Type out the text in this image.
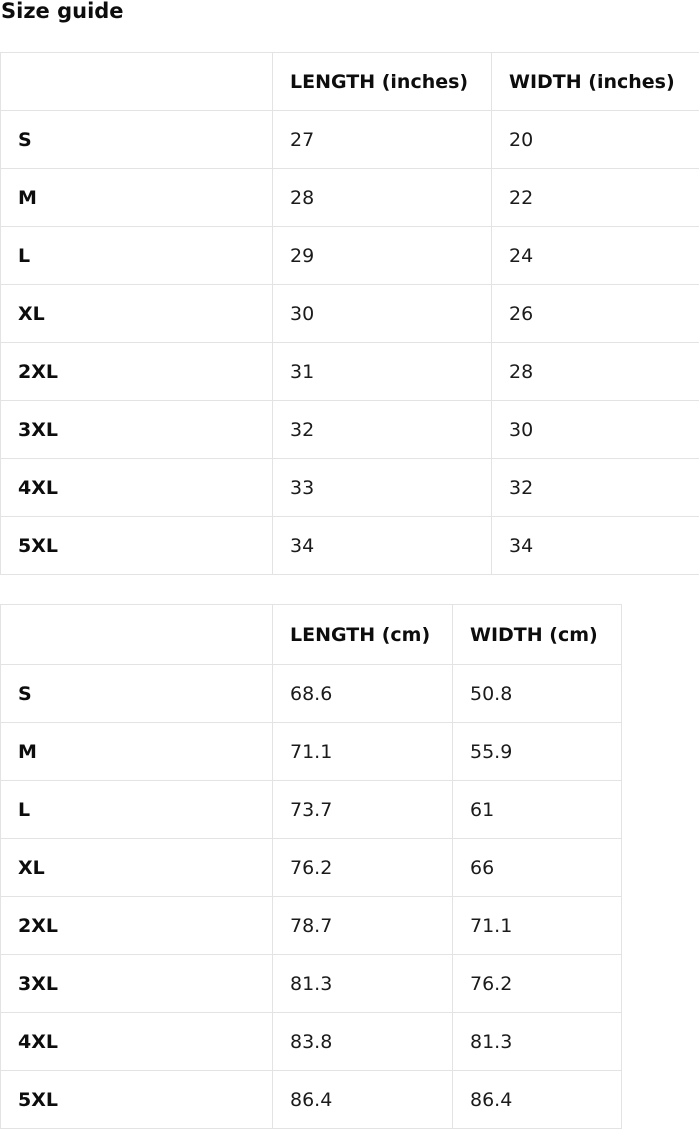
Size guide
	LENGTH (inches)	WIDTH (inches)
S	27	20
M	28	22
L	29	24
XL	30	26
2XL	31	28
3XL	32	30
4XL	33	32
5XL	34	34
	LENGTH (cm)	WIDTH (cm)
S	68.6	50.8
M	71.1	55.9
L	73.7	61
XL	76.2	66
2XL	78.7	71.1
3XL	81.3	76.2
4XL	83.8	81.3
5XL	86.4	86.4
